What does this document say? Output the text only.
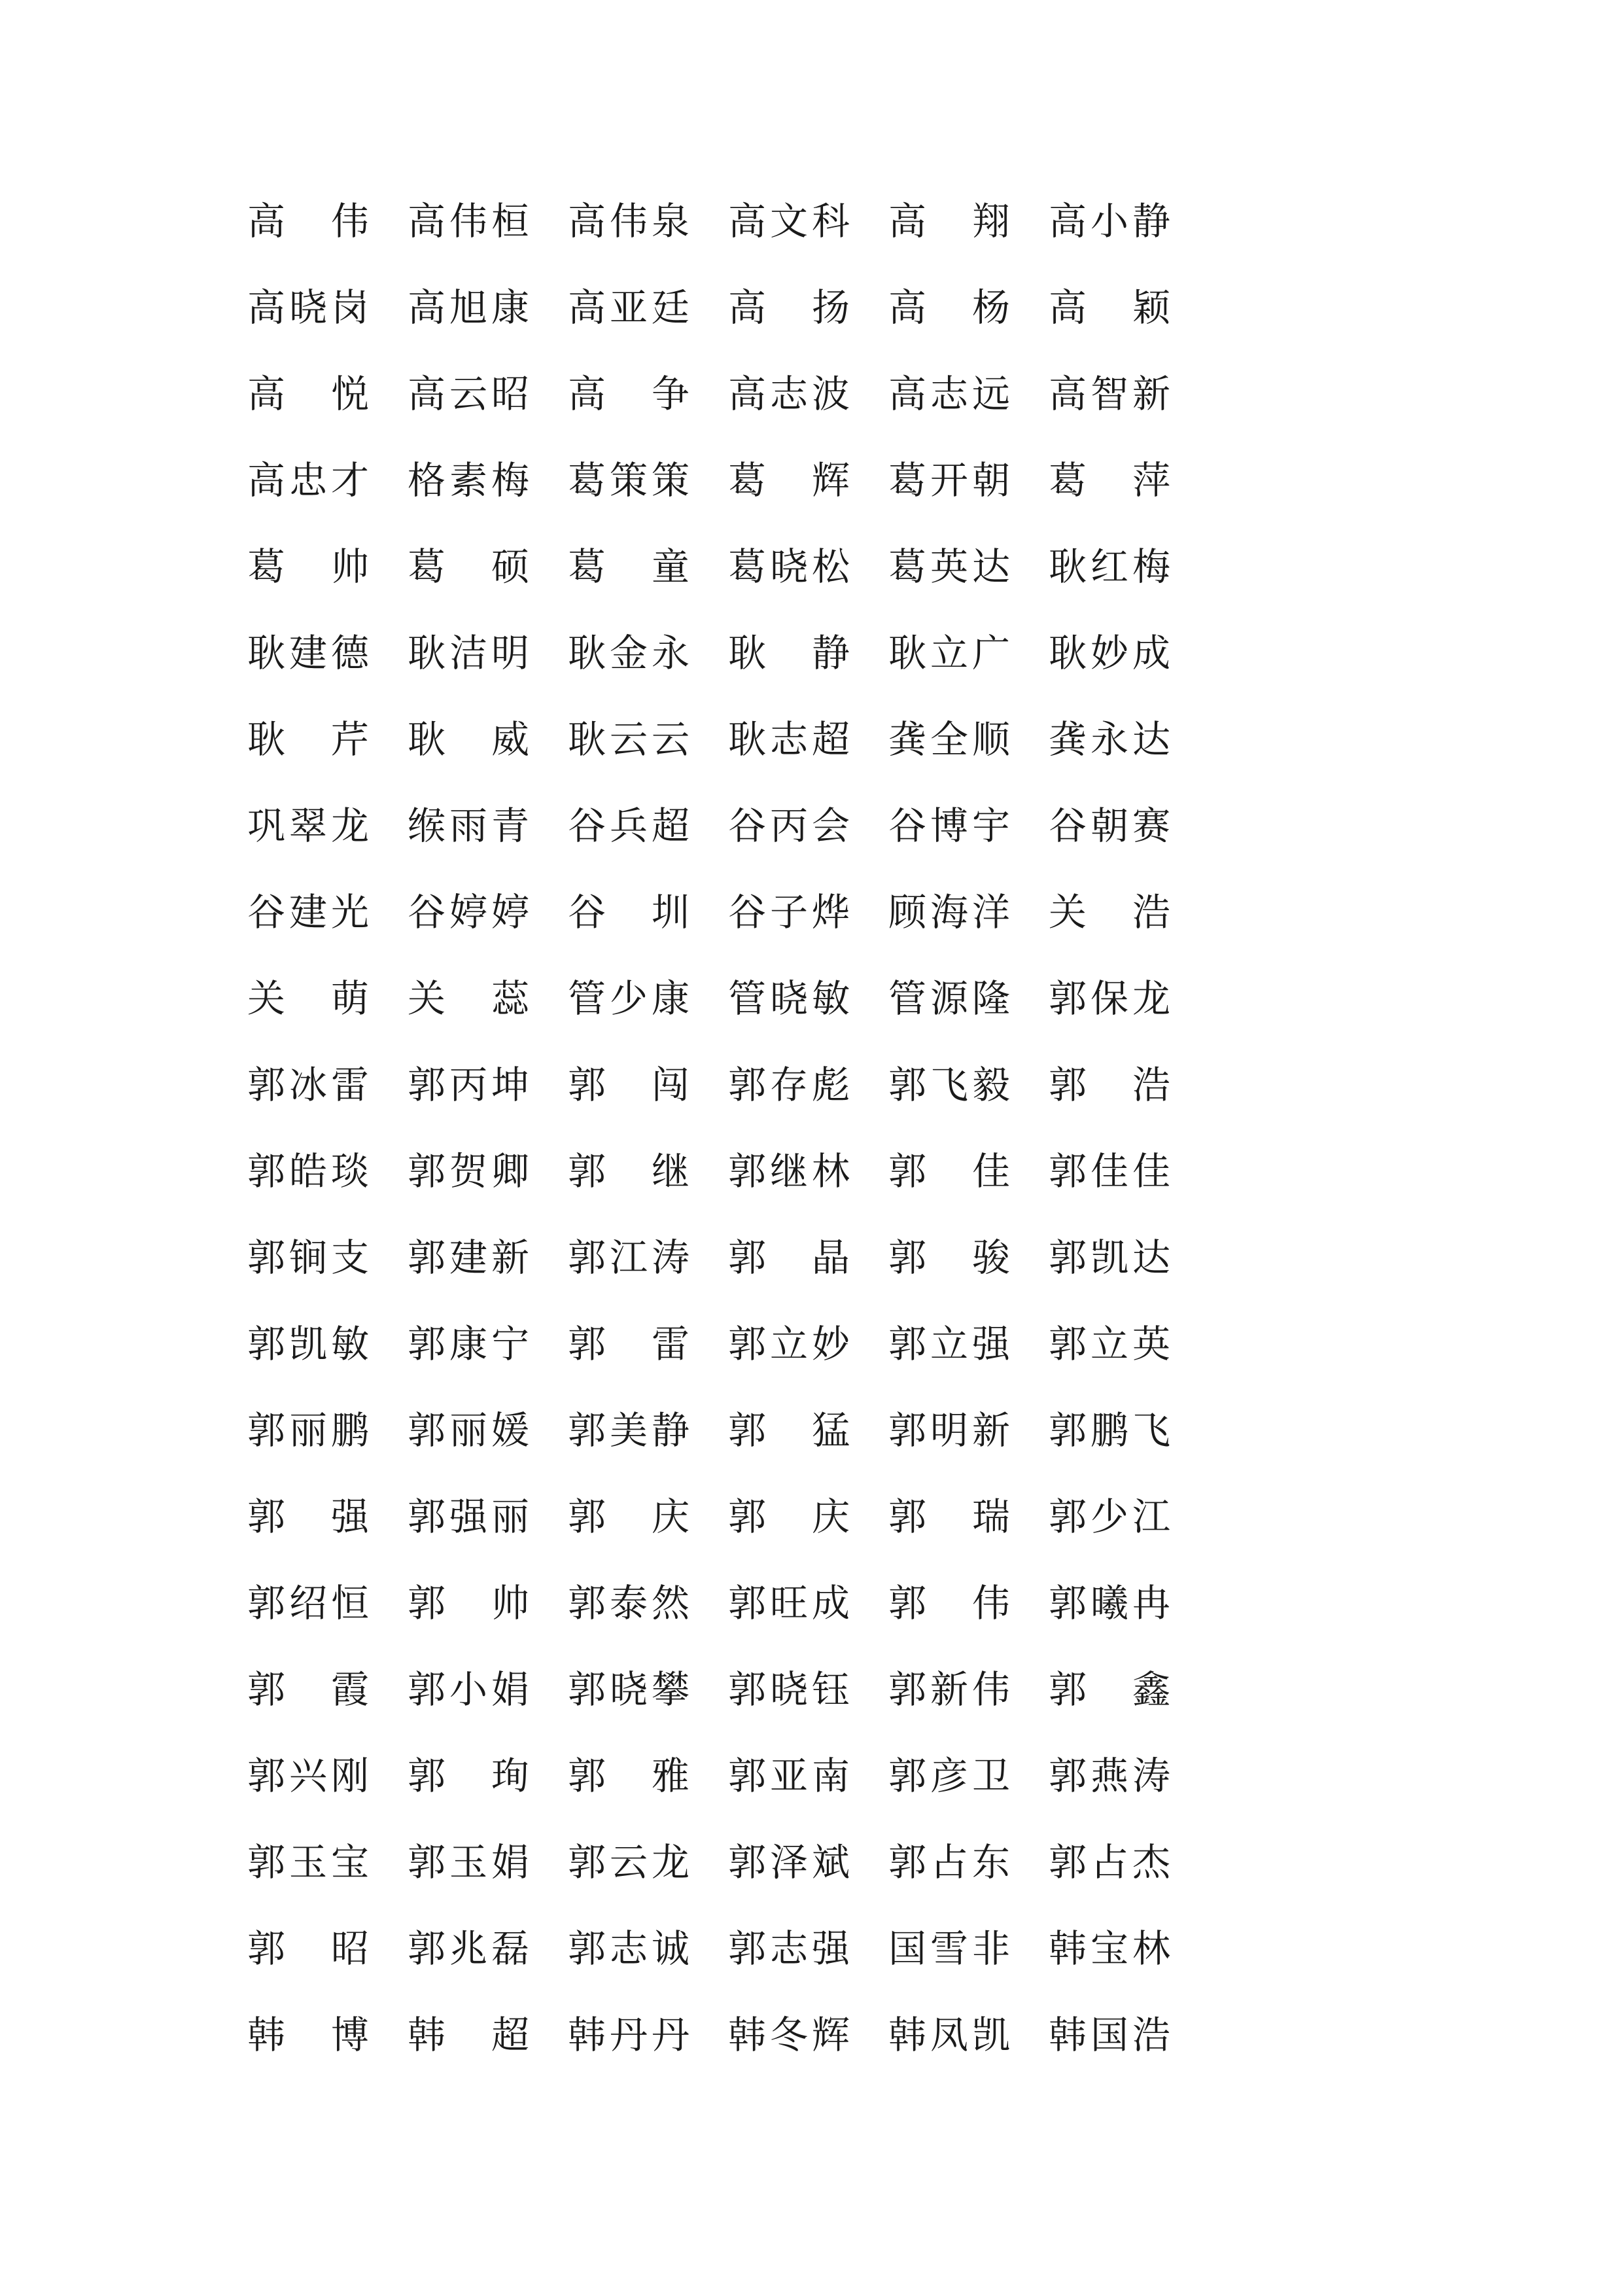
高　伟 高伟桓 高伟泉 高文科 高　翔 高小静
高晓岗 高旭康 高亚廷 高　扬 高　杨 高　颖
高　悦 高云昭 高　争 高志波 高志远 高智新
高忠才 格素梅 葛策策 葛　辉 葛开朝 葛　萍
葛　帅 葛　硕 葛　童 葛晓松 葛英达 耿红梅
耿建德 耿洁明 耿金永 耿　静 耿立广 耿妙成
耿　芹 耿　威 耿云云 耿志超 龚全顺 龚永达
巩翠龙 缑雨青 谷兵超 谷丙会 谷博宇 谷朝赛
谷建光 谷婷婷 谷　圳 谷子烨 顾海洋 关　浩
关　萌 关　蕊 管少康 管晓敏 管源隆 郭保龙
郭冰雷 郭丙坤 郭　闯 郭存彪 郭飞毅 郭　浩
郭皓琰 郭贺卿 郭　继 郭继林 郭　佳 郭佳佳
郭锏支 郭建新 郭江涛 郭　晶 郭　骏 郭凯达
郭凯敏 郭康宁 郭　雷 郭立妙 郭立强 郭立英
郭丽鹏 郭丽媛 郭美静 郭　猛 郭明新 郭鹏飞
郭　强 郭强丽 郭　庆 郭　庆 郭　瑞 郭少江
郭绍恒 郭　帅 郭泰然 郭旺成 郭　伟 郭曦冉
郭　霞 郭小娟 郭晓攀 郭晓钰 郭新伟 郭　鑫
郭兴刚 郭　珣 郭　雅 郭亚南 郭彦卫 郭燕涛
郭玉宝 郭玉娟 郭云龙 郭泽斌 郭占东 郭占杰
郭　昭 郭兆磊 郭志诚 郭志强 国雪非 韩宝林
韩　博 韩　超 韩丹丹 韩冬辉 韩凤凯 韩国浩
